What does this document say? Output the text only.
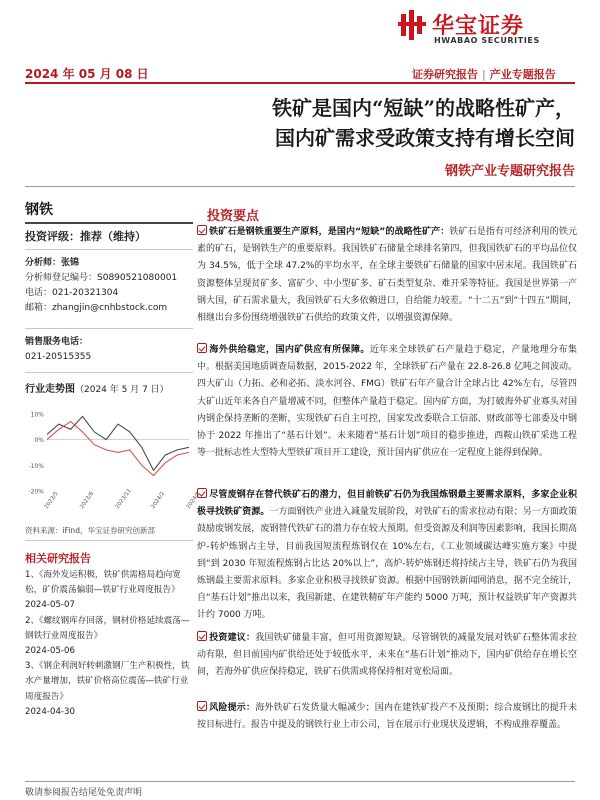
华宝证券
HWABAO SECURITIES
2024 年 05 月 08 日	证券研究报告 | 产业专题报告
铁矿是国内“短缺”的战略性矿产，
国内矿需求受政策支持有增长空间
钢铁产业专题研究报告
钢铁
投资评级：推荐（维持）
分析师：张锦
分析师登记编号：S0890521080001
电话：021-20321304
邮箱：zhangjin@cnhbstock.com
销售服务电话：
021-20515355
行业走势图（2024 年 5 月 7 日）
-20%
-10%
0%
10%
2023/5	2023/8	2023/11	2024/2	2024/5
资料来源：iFind，华宝证券研究创新部
相关研究报告
1、《海外发运积极，铁矿供需格局趋向宽松，矿价震荡偏弱—铁矿行业周度报告》
2024-05-07
2、《螺纹钢库存回落，钢材价格延续震荡—钢铁行业周度报告》
2024-05-06
3、《钢企利润好转刺激钢厂生产积极性，铁水产量增加，铁矿价格高位震荡—铁矿行业周度报告》
2024-04-30
投资要点
铁矿石是钢铁重要生产原料，是国内“短缺”的战略性矿产：铁矿石是指有可经济利用的铁元素的矿石，是钢铁生产的重要原料。我国铁矿石储量全球排名第四，但我国铁矿石的平均品位仅为 34.5%，低于全球 47.2%的平均水平，在全球主要铁矿石储量的国家中居末尾。我国铁矿石资源整体呈现贫矿多、富矿少、中小型矿多、矿石类型复杂、难开采等特征。我国是世界第一产钢大国，矿石需求量大，我国铁矿石大多依赖进口，自给能力较差。“十二五”到“十四五”期间，相继出台多份围绕增强铁矿石供给的政策文件，以增强资源保障。
海外供给稳定，国内矿供应有所保障。近年来全球铁矿石产量趋于稳定，产量地理分布集中。根据美国地质调查局数据，2015-2022 年，全球铁矿石产量在 22.8-26.8 亿吨之间波动。四大矿山（力拓、必和必拓、淡水河谷、FMG）铁矿石年产量合计全球占比 42%左右，尽管四大矿山近年来各自产量增减不同，但整体产量趋于稳定。国内矿方面，为打破海外矿业寡头对国内钢企保持垄断的垄断，实现铁矿石自主可控，国家发改委联合工信部、财政部等七部委及中钢协于 2022 年推出了“基石计划”。未来随着“基石计划”项目的稳步推进，西鞍山铁矿采选工程等一批标志性大型特大型铁矿项目开工建设，预计国内矿供应在一定程度上能得到保障。
尽管废钢存在替代铁矿石的潜力，但目前铁矿石仍为我国炼钢最主要需求原料，多家企业积极寻找铁矿资源。一方面钢铁产业进入减量发展阶段，对铁矿石的需求拉动有限；另一方面政策鼓励废钢发展，废钢替代铁矿石的潜力存在较大预期。但受资源及利润等因素影响，我国长期高炉-转炉炼钢占主导，目前我国短流程炼钢仅在 10%左右，《工业领域碳达峰实施方案》中提到“到 2030 年短流程炼钢占比达 20%以上”，高炉-转炉炼钢还将持续占主导，铁矿石仍为我国炼钢最主要需求原料。多家企业积极寻找铁矿资源。根据中国钢铁新闻网消息，据不完全统计，自“基石计划”推出以来，我国新建、在建铁精矿年产能约 5000 万吨，预计权益铁矿年产资源共计约 7000 万吨。
投资建议：我国铁矿储量丰富，但可用资源短缺。尽管钢铁的减量发展对铁矿石整体需求拉动有限，但目前国内矿供给还处于较低水平，未来在“基石计划”推动下，国内矿供给存在增长空间，若海外矿供应保持稳定，铁矿石供需或将保持相对宽松局面。
风险提示：海外铁矿石发货量大幅减少；国内在建铁矿投产不及预期；综合废钢比的提升未按目标进行。报告中提及的钢铁行业上市公司，旨在展示行业现状及逻辑，不构成推荐覆盖。
敬请参阅报告结尾处免责声明
